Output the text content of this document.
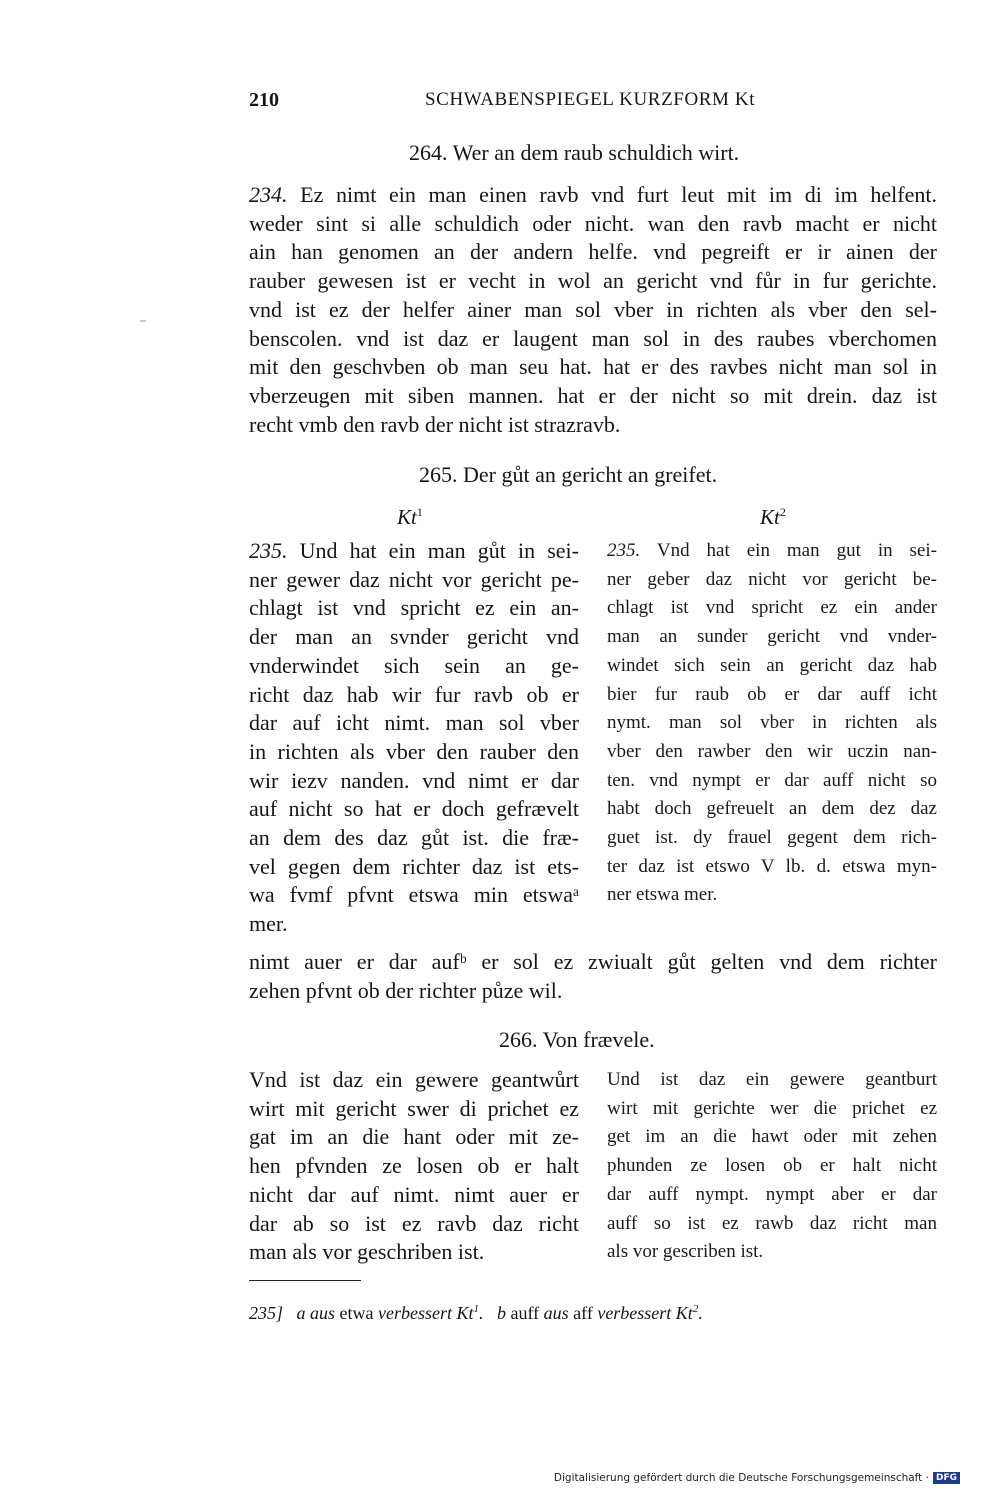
210	SCHWABENSPIEGEL KURZFORM Kt
264. Wer an dem raub schuldich wirt.
234. Ez nimt ein man einen ravb vnd furt leut mit im di im helfent.
weder sint si alle schuldich oder nicht. wan den ravb macht er nicht
ain han genomen an der andern helfe. vnd pegreift er ir ainen der
rauber gewesen ist er vecht in wol an gericht vnd fůr in fur gerichte.
vnd ist ez der helfer ainer man sol vber in richten als vber den sel-
benscolen. vnd ist daz er laugent man sol in des raubes vberchomen
mit den geschvben ob man seu hat. hat er des ravbes nicht man sol in
vberzeugen mit siben mannen. hat er der nicht so mit drein. daz ist
recht vmb den ravb der nicht ist strazravb.
265. Der gůt an gericht an greifet.
Kt$^1$	Kt$^2$
235. Und hat ein man gůt in sei-
ner gewer daz nicht vor gericht pe-
chlagt ist vnd spricht ez ein an-
der man an svnder gericht vnd
vnderwindet sich sein an ge-
richt daz hab wir fur ravb ob er
dar auf icht nimt. man sol vber
in richten als vber den rauber den
wir iezv nanden. vnd nimt er dar
auf nicht so hat er doch gefrævelt
an dem des daz gůt ist. die fræ-
vel gegen dem richter daz ist ets-
wa fvmf pfvnt etswa min etswaᵃ
mer.
235. Vnd hat ein man gut in sei-
ner geber daz nicht vor gericht be-
chlagt ist vnd spricht ez ein ander
man an sunder gericht vnd vnder-
windet sich sein an gericht daz hab
bier fur raub ob er dar auff icht
nymt. man sol vber in richten als
vber den rawber den wir uczin nan-
ten. vnd nympt er dar auff nicht so
habt doch gefreuelt an dem dez daz
guet ist. dy frauel gegent dem rich-
ter daz ist etswo V lb. d. etswa myn-
ner etswa mer.
nimt auer er dar aufᵇ er sol ez zwiualt gůt gelten vnd dem richter
zehen pfvnt ob der richter půze wil.
266. Von frævele.
Vnd ist daz ein gewere geantwůrt
wirt mit gericht swer di prichet ez
gat im an die hant oder mit ze-
hen pfvnden ze losen ob er halt
nicht dar auf nimt. nimt auer er
dar ab so ist ez ravb daz richt
man als vor geschriben ist.
Und ist daz ein gewere geantburt
wirt mit gerichte wer die prichet ez
get im an die hawt oder mit zehen
phunden ze losen ob er halt nicht
dar auff nympt. nympt aber er dar
auff so ist ez rawb daz richt man
als vor gescriben ist.
235] a aus etwa verbessert Kt$^1$.   b auff aus aff verbessert Kt$^2$.
Digitalisierung gefördert durch die Deutsche Forschungsgemeinschaft · DFG
